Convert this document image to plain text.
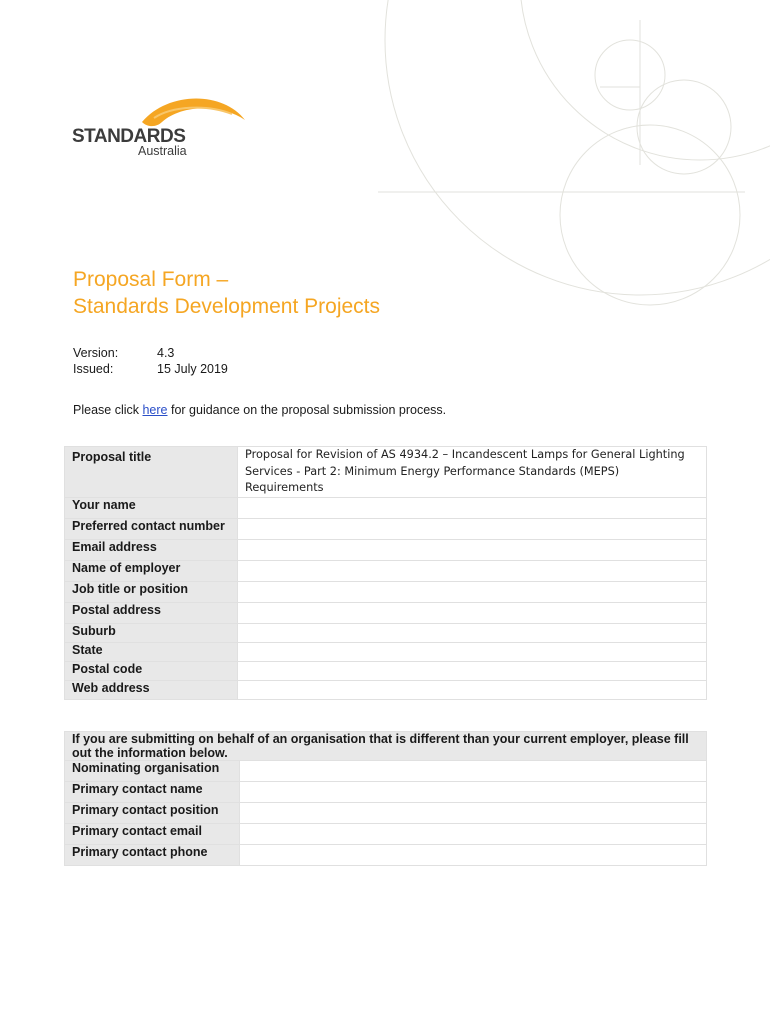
STANDARDS
Australia
Proposal Form –
Standards Development Projects
Version:	4.3
Issued:	15 July 2019
Please click here for guidance on the proposal submission process.
Proposal title	Proposal for Revision of AS 4934.2 – Incandescent Lamps for General Lighting Services - Part 2: Minimum Energy Performance Standards (MEPS) Requirements
Your name	
Preferred contact number	
Email address	
Name of employer	
Job title or position	
Postal address	
Suburb	
State	
Postal code	
Web address	
If you are submitting on behalf of an organisation that is different than your current employer, please fill out the information below.	
Nominating organisation	
Primary contact name	
Primary contact position	
Primary contact email	
Primary contact phone	
